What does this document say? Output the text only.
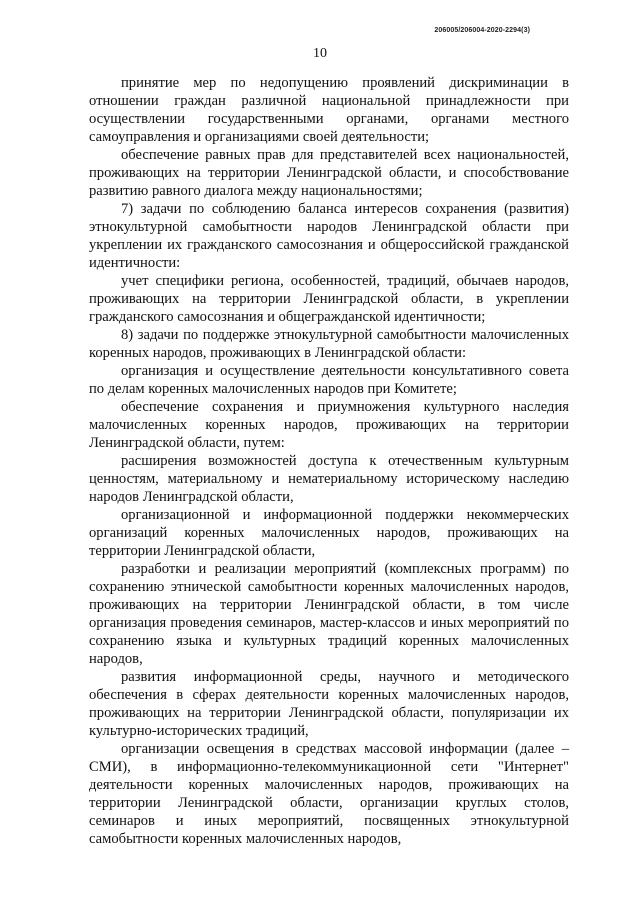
206005/206004-2020-2294(3)
10

принятие мер по недопущению проявлений дискриминации в отношении граждан различной национальной принадлежности при осуществлении государственными органами, органами местного самоуправления и организациями своей деятельности;

обеспечение равных прав для представителей всех национальностей, проживающих на территории Ленинградской области, и способствование развитию равного диалога между национальностями;

7) задачи по соблюдению баланса интересов сохранения (развития) этнокультурной самобытности народов Ленинградской области при укреплении их гражданского самосознания и общероссийской гражданской идентичности:

учет специфики региона, особенностей, традиций, обычаев народов, проживающих на территории Ленинградской области, в укреплении гражданского самосознания и общегражданской идентичности;

8) задачи по поддержке этнокультурной самобытности малочисленных коренных народов, проживающих в Ленинградской области:

организация и осуществление деятельности консультативного совета по делам коренных малочисленных народов при Комитете;

обеспечение сохранения и приумножения культурного наследия малочисленных коренных народов, проживающих на территории Ленинградской области, путем:

расширения возможностей доступа к отечественным культурным ценностям, материальному и нематериальному историческому наследию народов Ленинградской области,

организационной и информационной поддержки некоммерческих организаций коренных малочисленных народов, проживающих на территории Ленинградской области,

разработки и реализации мероприятий (комплексных программ) по сохранению этнической самобытности коренных малочисленных народов, проживающих на территории Ленинградской области, в том числе организация проведения семинаров, мастер-классов и иных мероприятий по сохранению языка и культурных традиций коренных малочисленных народов,

развития информационной среды, научного и методического обеспечения в сферах деятельности коренных малочисленных народов, проживающих на территории Ленинградской области, популяризации их культурно-исторических традиций,

организации освещения в средствах массовой информации (далее – СМИ), в информационно-телекоммуникационной сети "Интернет" деятельности коренных малочисленных народов, проживающих на территории Ленинградской области, организации круглых столов, семинаров и иных мероприятий, посвященных этнокультурной самобытности коренных малочисленных народов,
